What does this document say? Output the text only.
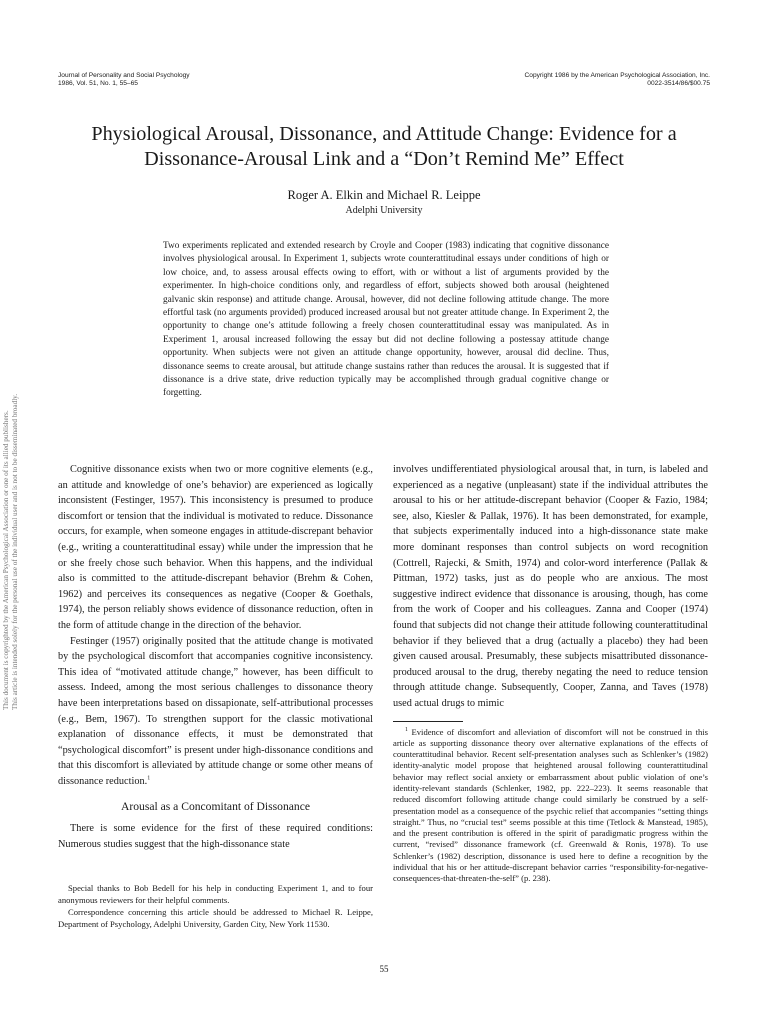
Journal of Personality and Social Psychology
1986, Vol. 51, No. 1, 55–65
Copyright 1986 by the American Psychological Association, Inc.
0022-3514/86/$00.75
This document is copyrighted by the American Psychological Association or one of its allied publishers. This article is intended solely for the personal use of the individual user and is not to be disseminated broadly.
Physiological Arousal, Dissonance, and Attitude Change: Evidence for a
Dissonance-Arousal Link and a “Don’t Remind Me” Effect
Roger A. Elkin and Michael R. Leippe
Adelphi University

Two experiments replicated and extended research by Croyle and Cooper (1983) indicating that cognitive dissonance involves physiological arousal. In Experiment 1, subjects wrote counterattitudinal essays under conditions of high or low choice, and, to assess arousal effects owing to effort, with or without a list of arguments provided by the experimenter. In high-choice conditions only, and regardless of effort, subjects showed both arousal (heightened galvanic skin response) and attitude change. Arousal, however, did not decline following attitude change. The more effortful task (no arguments provided) produced increased arousal but not greater attitude change. In Experiment 2, the opportunity to change one’s attitude following a freely chosen counterattitudinal essay was manipulated. As in Experiment 1, arousal increased following the essay but did not decline following a postessay attitude change opportunity. When subjects were not given an attitude change opportunity, however, arousal did decline. Thus, dissonance seems to create arousal, but attitude change sustains rather than reduces the arousal. It is suggested that if dissonance is a drive state, drive reduction typically may be accomplished through gradual cognitive change or forgetting.

Cognitive dissonance exists when two or more cognitive elements (e.g., an attitude and knowledge of one’s behavior) are experienced as logically inconsistent (Festinger, 1957). This inconsistency is presumed to produce discomfort or tension that the individual is motivated to reduce. Dissonance occurs, for example, when someone engages in attitude-discrepant behavior (e.g., writing a counterattitudinal essay) while under the impression that he or she freely chose such behavior. When this happens, and the individual also is committed to the attitude-discrepant behavior (Brehm & Cohen, 1962) and perceives its consequences as negative (Cooper & Goethals, 1974), the person reliably shows evidence of dissonance reduction, often in the form of attitude change in the direction of the behavior.

Festinger (1957) originally posited that the attitude change is motivated by the psychological discomfort that accompanies cognitive inconsistency. This idea of “motivated attitude change,” however, has been difficult to assess. Indeed, among the most serious challenges to dissonance theory have been interpretations based on dissapionate, self-attributional processes (e.g., Bem, 1967). To strengthen support for the classic motivational explanation of dissonance effects, it must be demonstrated that “psychological discomfort” is present under high-dissonance conditions and that this discomfort is alleviated by attitude change or some other means of dissonance reduction.$^1$

Arousal as a Concomitant of Dissonance

There is some evidence for the first of these required conditions: Numerous studies suggest that the high-dissonance state

Special thanks to Bob Bedell for his help in conducting Experiment 1, and to four anonymous reviewers for their helpful comments.

Correspondence concerning this article should be addressed to Michael R. Leippe, Department of Psychology, Adelphi University, Garden City, New York 11530.

involves undifferentiated physiological arousal that, in turn, is labeled and experienced as a negative (unpleasant) state if the individual attributes the arousal to his or her attitude-discrepant behavior (Cooper & Fazio, 1984; see, also, Kiesler & Pallak, 1976). It has been demonstrated, for example, that subjects experimentally induced into a high-dissonance state make more dominant responses than control subjects on word recognition (Cottrell, Rajecki, & Smith, 1974) and color-word interference (Pallak & Pittman, 1972) tasks, just as do people who are anxious. The most suggestive indirect evidence that dissonance is arousing, though, has come from the work of Cooper and his colleagues. Zanna and Cooper (1974) found that subjects did not change their attitude following counterattitudinal behavior if they believed that a drug (actually a placebo) they had been given caused arousal. Presumably, these subjects misattributed dissonance-produced arousal to the drug, thereby negating the need to reduce tension through attitude change. Subsequently, Cooper, Zanna, and Taves (1978) used actual drugs to mimic

$^1$ Evidence of discomfort and alleviation of discomfort will not be construed in this article as supporting dissonance theory over alternative explanations of the effects of counterattitudinal behavior. Recent self-presentation analyses such as Schlenker’s (1982) identity-analytic model propose that heightened arousal following counterattitudinal behavior may reflect social anxiety or embarrassment about public violation of one’s identity-relevant standards (Schlenker, 1982, pp. 222–223). It seems reasonable that reduced discomfort following attitude change could similarly be construed by a self-presentation model as a consequence of the psychic relief that accompanies “setting things straight.” Thus, no “crucial test” seems possible at this time (Tetlock & Manstead, 1985), and the present contribution is offered in the spirit of paradigmatic progress within the current, “revised” dissonance framework (cf. Greenwald & Ronis, 1978). To use Schlenker’s (1982) description, dissonance is used here to define a recognition by the individual that his or her attitude-discrepant behavior carries “responsibility-for-negative-consequences-that-threaten-the-self” (p. 238).

55
